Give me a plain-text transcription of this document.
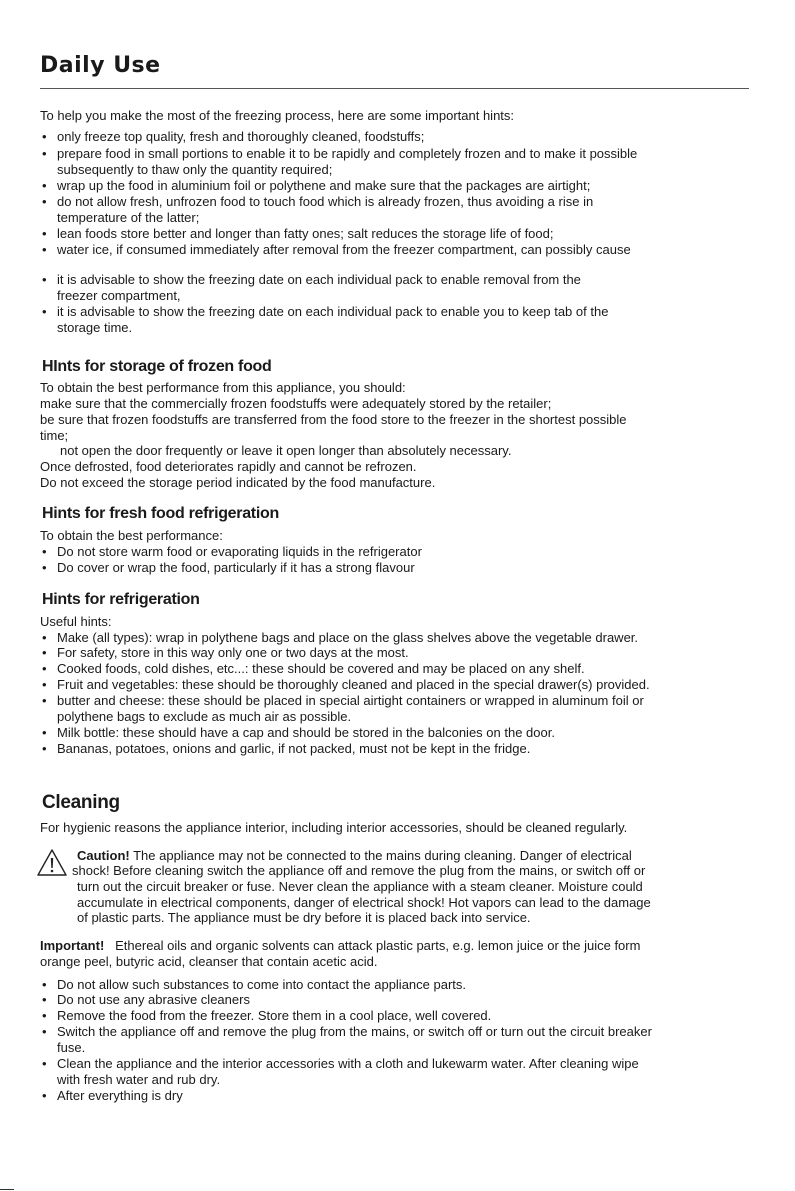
Daily Use

To help you make the most of the freezing process, here are some important hints:

• only freeze top quality, fresh and thoroughly cleaned, foodstuffs;

• prepare food in small portions to enable it to be rapidly and completely frozen and to make it possible

subsequently to thaw only the quantity required;

• wrap up the food in aluminium foil or polythene and make sure that the packages are airtight;

• do not allow fresh, unfrozen food to touch food which is already frozen, thus avoiding a rise in

temperature of the latter;

• lean foods store better and longer than fatty ones; salt reduces the storage life of food;

• water ice, if consumed immediately after removal from the freezer compartment, can possibly cause

• it is advisable to show the freezing date on each individual pack to enable removal from the

freezer compartment,

• it is advisable to show the freezing date on each individual pack to enable you to keep tab of the

storage time.

HInts for storage of frozen food

To obtain the best performance from this appliance, you should:

make sure that the commercially frozen foodstuffs were adequately stored by the retailer;

be sure that frozen foodstuffs are transferred from the food store to the freezer in the shortest possible

time;

not open the door frequently or leave it open longer than absolutely necessary.

Once defrosted, food deteriorates rapidly and cannot be refrozen.

Do not exceed the storage period indicated by the food manufacture.

Hints for fresh food refrigeration

To obtain the best performance:

• Do not store warm food or evaporating liquids in the refrigerator

• Do cover or wrap the food, particularly if it has a strong flavour

Hints for refrigeration

Useful hints:

• Make (all types): wrap in polythene bags and place on the glass shelves above the vegetable drawer.

• For safety, store in this way only one or two days at the most.

• Cooked foods, cold dishes, etc...: these should be covered and may be placed on any shelf.

• Fruit and vegetables: these should be thoroughly cleaned and placed in the special drawer(s) provided.

• butter and cheese: these should be placed in special airtight containers or wrapped in aluminum foil or

polythene bags to exclude as much air as possible.

• Milk bottle: these should have a cap and should be stored in the balconies on the door.

• Bananas, potatoes, onions and garlic, if not packed, must not be kept in the fridge.

Cleaning

For hygienic reasons the appliance interior, including interior accessories, should be cleaned regularly.

Caution! The appliance may not be connected to the mains during cleaning. Danger of electrical

shock! Before cleaning switch the appliance off and remove the plug from the mains, or switch off or

turn out the circuit breaker or fuse. Never clean the appliance with a steam cleaner. Moisture could

accumulate in electrical components, danger of electrical shock! Hot vapors can lead to the damage

of plastic parts. The appliance must be dry before it is placed back into service.

Important! Ethereal oils and organic solvents can attack plastic parts, e.g. lemon juice or the juice form

orange peel, butyric acid, cleanser that contain acetic acid.

• Do not allow such substances to come into contact the appliance parts.

• Do not use any abrasive cleaners

• Remove the food from the freezer. Store them in a cool place, well covered.

• Switch the appliance off and remove the plug from the mains, or switch off or turn out the circuit breaker

fuse.

• Clean the appliance and the interior accessories with a cloth and lukewarm water. After cleaning wipe

with fresh water and rub dry.

• After everything is dry
